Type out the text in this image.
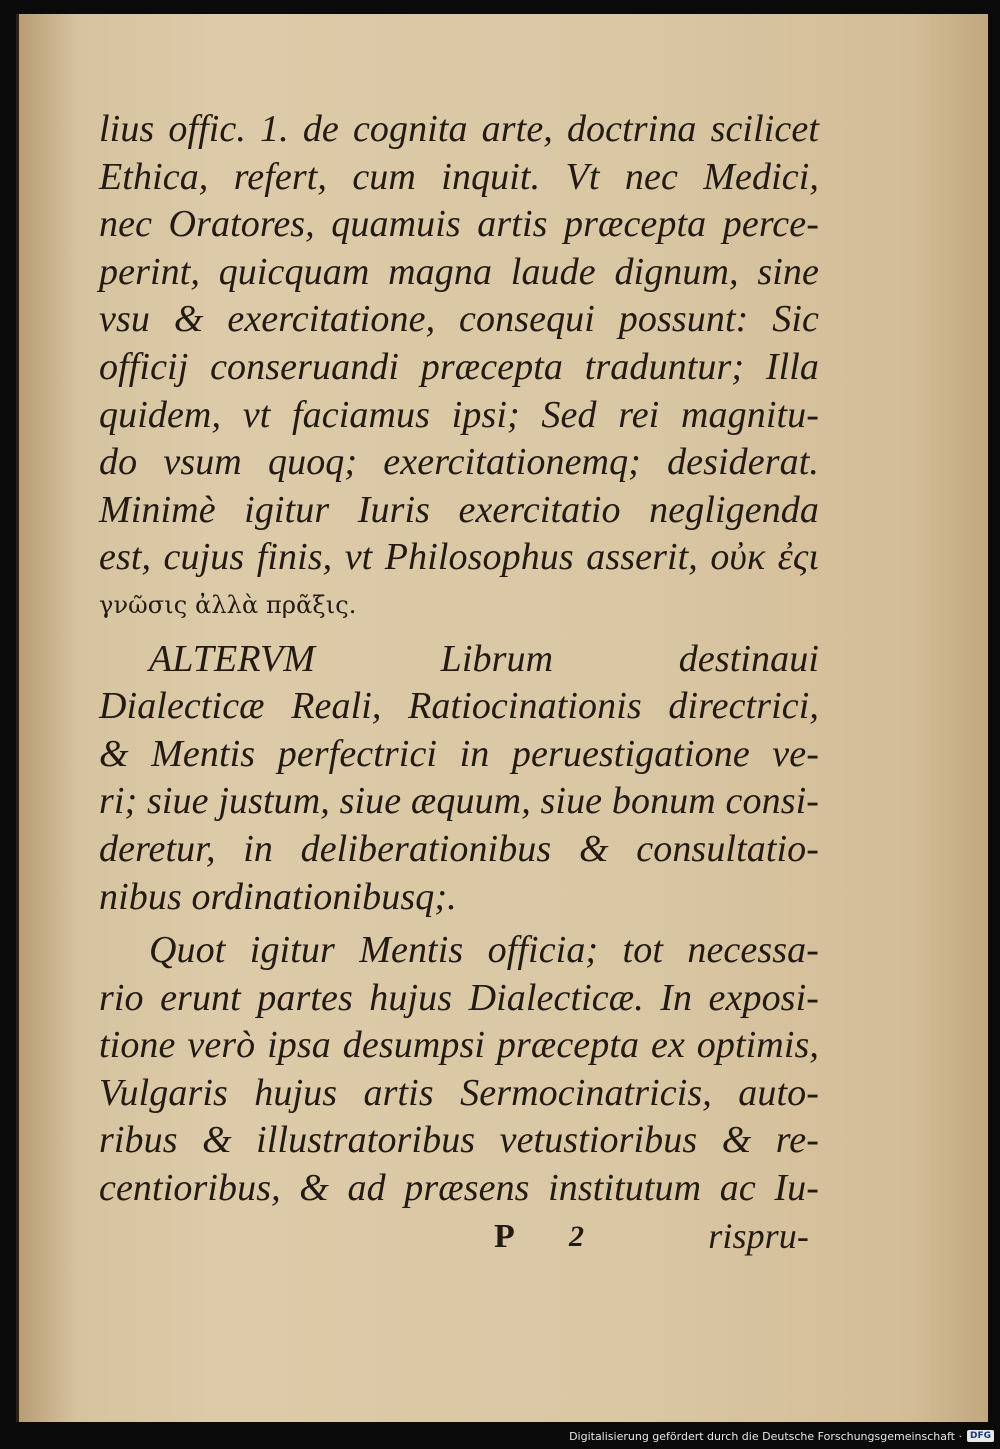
lius offic. 1. de cognita arte, doctrina scilicet
Ethica, refert, cum inquit. Vt nec Medici,
nec Oratores, quamuis artis præcepta perce-
perint, quicquam magna laude dignum, sine
vsu & exercitatione, consequi possunt: Sic
officij conseruandi præcepta traduntur; Illa
quidem, vt faciamus ipsi; Sed rei magnitu-
do vsum quoq; exercitationemq; desiderat.
Minimè igitur Iuris exercitatio negligenda
est, cujus finis, vt Philosophus asserit, οὐκ ἐςι
γνῶσις ἀλλὰ πρᾶξις.
ALTERVM Librum destinaui
Dialecticæ Reali, Ratiocinationis directrici,
& Mentis perfectrici in peruestigatione ve-
ri; siue justum, siue æquum, siue bonum consi-
deretur, in deliberationibus & consultatio-
nibus ordinationibusq;.
Quot igitur Mentis officia; tot necessa-
rio erunt partes hujus Dialecticæ. In exposi-
tione verò ipsa desumpsi præcepta ex optimis,
Vulgaris hujus artis Sermocinatricis, auto-
ribus & illustratoribus vetustioribus & re-
centioribus, & ad præsens institutum ac Iu-
P 2	rispru-
Digitalisierung gefördert durch die Deutsche Forschungsgemeinschaft · DFG
